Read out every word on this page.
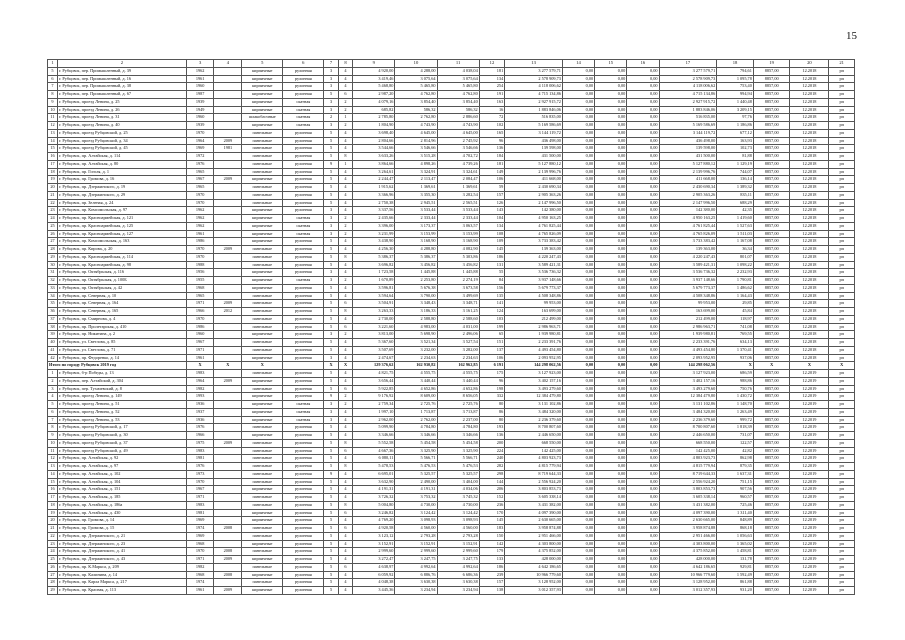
15
1	2	3	4	5	6	7	8	9	10	11	12	13	14	15	16	17	18	19	20	21
5	г. Рубцовск, пер. Промышленный, д. 39	1962		кирпичные	рулонная	3	4	4 920,00	4 288,00	4 038,04	181	3 277 579,71	0,00	0,00	0,00	3 277 579,71	794,61	8857,00	12.2018	рп
6	г. Рубцовск, пер. Промышленный, д. 16	1961		кирпичные	рулонная	3	4	3 419,46	3 075,64	3 075,64	134	2 578 909,73	0,00	0,00	0,00	2 578 909,73	1 095,78	8857,00	12.2018	рп
7	г. Рубцовск, пер. Промышленный, д. 38	1960		кирпичные	рулонная	3	4	5 468,80	5 465,80	5 465,80	254	4 118 006,62	0,00	0,00	0,00	4 118 006,62	753,40	8857,00	12.2018	рп
8	г. Рубцовск, пер. Промышленный, д. 67	1987		кирпичные	рулонная	5	6	2 987,20	4 762,80	4 762,80	191	4 715 134,86	0,00	0,00	0,00	4 715 134,86	994,94	8857,00	12.2018	рп
9	г. Рубцовск, проезд Ленина, д. 25	1939		кирпичные	скатная	3	2	4 079,16	3 854,40	3 854,40	163	2 927 915,72	0,00	0,00	0,00	2 927 915,72	1 440,48	8857,00	12.2018	рп
10	г. Рубцовск, проезд Ленина, д. 26	1949		кирпичные	скатная	3	2	685,82	586,32	586,32	16	1 883 846,06	0,00	0,00	0,00	1 883 846,06	3 209,15	8857,00	12.2018	рп
11	г. Рубцовск, проезд Ленина, д. 31	1960		шлакоблочные	скатная	2	1	2 785,80	2 762,80	2 886,60	72	516 835,00	0,00	0,00	0,00	516 835,00	97,76	8857,00	12.2018	рп
12	г. Рубцовск, проезд Ленина, д. 40	1939		кирпичные	скатная	3	2	1 804,90	4 743,90	4 743,90	102	5 169 586,69	0,00	0,00	0,00	5 169 586,69	1 186,86	8857,00	12.2018	рп
13	г. Рубцовск, проезд Рубцовский, д. 25	1970		панельные	рулонная	5	4	3 698,40	4 645,00	4 645,00	165	3 144 119,72	0,00	0,00	0,00	3 144 119,72	677,12	8857,00	12.2018	рп
14	г. Рубцовск, проезд Рубцовский, д. 34	1964	2009	панельные	рулонная	5	4	2 804,66	2 814,96	2 745,92	96	436 498,00	0,00	0,00	0,00	436 498,00	163,93	8857,00	12.2018	рп
15	г. Рубцовск, проезд Рубцовский, д. 45	1969	1981	панельные	рулонная	5	4	3 544,66	3 546,66	3 546,66	136	139 598,00	0,00	0,00	0,00	139 598,00	102,73	8857,00	12.2018	рп
16	г. Рубцовск, пр. Алтайская, д. 114	1972		панельные	рулонная	5	8	3 633,26	3 515,28	4 702,72	184	431 500,00	0,00	0,00	0,00	431 500,00	81,88	8857,00	12.2018	рп
17	г. Рубцовск, пр. Алтайская, д. 80	1976		панельные	рулонная	9	1	3 864,66	4 898,26	4 739,26	181	5 127 880,12	0,00	0,00	0,00	5 127 880,12	1 129,19	8857,00	12.2018	рп
18	г. Рубцовск, пр. Гоголя, д. 1	1965		панельные	рулонная	5	4	3 264,61	3 324,91	3 324,61	149	2 139 996,76	0,00	0,00	0,00	2 139 996,76	744,07	8857,00	12.2018	рп
19	г. Рубцовск, пр. Громова, д. 16	1967	2009	кирпичные	рулонная	5	4	2 244,47	2 113,47	2 084,47	106	411 668,00	0,00	0,00	0,00	411 668,00	136,14	8857,00	12.2018	рп
20	г. Рубцовск, пр. Дзержинского, д. 19	1965		панельные	рулонная	5	4	1 915,62	1 369,61	1 369,61	59	2 430 690,34	0,00	0,00	0,00	2 430 690,34	1 389,32	8857,00	12.2018	рп
21	г. Рубцовск, пр. Дзержинского, д. 29	1970		панельные	рулонная	5	4	3 366,96	3 355,30	3 282,54	157	2 905 363,26	0,00	0,00	0,00	2 905 363,26	835,11	8857,00	12.2018	рп
22	г. Рубцовск, пр. Зеленая, д. 24	1970		панельные	рулонная	5	4	2 750,38	2 945,51	2 565,51	126	2 147 996,50	0,00	0,00	0,00	2 147 996,50	688,29	8857,00	12.2018	рп
23	г. Рубцовск, пр. Комсомольская, д. 97	1962		кирпичные	рулонная	3	4	3 337,56	3 533,44	3 533,44	143	142 380,00	0,00	0,00	0,00	142 380,00	42,35	8857,00	12.2018	рп
24	г. Рубцовск, пр. Красноармейская, д. 121	1962		кирпичные	скатная	3	2	2 435,66	2 333,44	2 333,44	104	4 950 163,25	0,00	0,00	0,00	4 950 163,25	1 419,60	8857,00	12.2018	рп
25	г. Рубцовск, пр. Красноармейская, д. 125	1962		кирпичные	скатная	3	2	3 396,00	3 173,37	3 063,57	134	4 761 825,44	0,00	0,00	0,00	4 761 825,44	1 527,63	8857,00	12.2018	рп
26	г. Рубцовск, пр. Красноармейская, д. 127	1961		кирпичные	скатная	3	2	3 231,99	3 153,99	3 153,99	108	4 765 826,09	0,00	0,00	0,00	4 765 826,09	1 511,03	8857,00	12.2018	рп
27	г. Рубцовск, пр. Комсомольская, д. 163	1986		кирпичные	рулонная	5	4	3 438,90	3 168,90	3 168,90	109	3 733 383,42	0,00	0,00	0,00	3 733 383,42	1 167,08	8857,00	12.2018	рп
28	г. Рубцовск, пр. Кирова, д. 20	1970	2009	панельные	рулонная	5	4	4 256,30	4 288,80	4 082,90	145	139 363,00	0,00	0,00	0,00	139 363,00	36,34	8857,00	12.2018	рп
29	г. Рубцовск, пр. Красноармейская, д. 114	1970		панельные	рулонная	5	8	5 386,37	5 386,37	5 303,86	186	4 220 247,43	0,00	0,00	0,00	4 220 247,43	801,07	8857,00	12.2018	рп
30	г. Рубцовск, пр. Красноармейская, д. 98	1988		панельные	рулонная	5	4	3 696,82	3 456,82	3 456,82	131	3 589 421,31	0,00	0,00	0,00	3 589 421,31	1 098,22	8857,00	12.2018	рп
31	г. Рубцовск, пр. Октябрьская, д. 116	1956		кирпичные	рулонная	3	4	1 723,58	1 445,88	1 445,88	55	3 536 736,32	0,00	0,00	0,00	3 536 736,32	2 232,93	8857,00	12.2018	рп
32	г. Рубцовск, пр. Октябрьская, д. 100Б	1955		кирпичные	скатная	3	2	1 670,89	2 253,80	2 274,19	84	3 937 148,66	0,00	0,00	0,00	3 937 148,66	1 790,81	8857,00	12.2018	рп
33	г. Рубцовск, пр. Октябрьская, д. 42	1968		кирпичные	рулонная	5	4	3 596,81	5 676,38	3 673,58	156	5 679 773,37	0,00	0,00	0,00	5 679 773,37	1 486,62	8857,00	12.2018	рп
34	г. Рубцовск, пр. Северная, д. 10	1965		панельные	рулонная	5	4	3 594,64	3 790,00	3 499,69	135	4 508 348,86	0,00	0,00	0,00	4 508 348,86	1 164,43	8857,00	12.2018	рп
35	г. Рубцовск, пр. Северная, д. 164	1971	2009	панельные	рулонная	5	6	3 504,91	3 348,43	3 348,71	141	99 953,00	0,00	0,00	0,00	99 953,00	29,85	8857,00	12.2018	рп
36	г. Рубцовск, пр. Северная, д. 165	1966	2012	панельные	рулонная	5	8	3 263,33	3 186,33	3 161,25	124	163 699,00	0,00	0,00	0,00	163 699,00	45,84	8857,00	12.2018	рп
37	г. Рубцовск, пр. Смирнова, д. 4	1970		панельные	рулонная	5	4	2 730,00	2 588,80	2 588,60	103	212 499,00	0,00	0,00	0,00	212 499,00	118,97	8857,00	12.2018	рп
38	г. Рубцовск, пр. Пролетарская, д. 410	1986		панельные	рулонная	5	6	3 221,60	4 983,00	4 031,00	199	2 986 963,71	0,00	0,00	0,00	2 986 963,71	741,08	8857,00	12.2018	рп
39	г. Рубцовск, пр. Никитина, д. 2	1960		кирпичные	рулонная	3	2	3 813,00	5 698,90	2 496,06	65	1 939 980,81	0,00	0,00	0,00	1 939 980,81	769,55	8857,00	12.2018	рп
40	г. Рубцовск, ул. Светлова, д. 85	1967		панельные	рулонная	5	4	5 367,60	3 521,34	3 527,54	151	2 233 391,76	0,00	0,00	0,00	2 233 391,76	634,13	8857,00	12.2018	рп
41	г. Рубцовск, ул. Светлова, д. 71	1971		панельные	рулонная	5	4	3 507,69	3 232,00	3 282,00	137	4 493 454,80	0,00	0,00	0,00	4 493 454,80	1 370,41	8857,00	12.2018	рп
42	г. Рубцовск, пр. Федоренко, д. 14	1961		кирпичные	рулонная	3	4	2 474,67	2 234,63	2 234,63	106	2 093 952,95	0,00	0,00	0,00	2 093 952,95	937,06	8857,00	12.2018	рп
Итого по городу Рубцовск 2019 год		Х	Х	Х		Х	Х	129 376,62	162 930,82	162 962,85	6 191	144 298 062,56	0,00	0,00	0,00	144 298 062,56	Х	Х	Х	Х
1	г. Рубцовск, б-р Победы, д. 13	1983		панельные	рулонная	5	4	4 821,75	4 555,75	4 555,75	175	3 127 923,00	0,00	0,00	0,00	3 127 923,00	686,59	8857,00	12.2019	рп
2	г. Рубцовск, пер. Алтайский, д. 304	1964	2009	кирпичные	рулонная	5	4	3 656,44	3 440,44	3 440,44	96	3 402 157,16	0,00	0,00	0,00	3 402 157,16	988,86	8857,00	12.2019	рп
3	г. Рубцовск, пер. Тухачевский, д. 8	1982		панельные	рулонная	5	6	5 922,85	4 652,86	4 652,86	198	3 493 279,60	0,00	0,00	0,00	3 493 279,60	750,76	8857,00	12.2019	рп
4	г. Рубцовск, проезд Ленина, д. 149	1993		кирпичные	рулонная	9	2	9 176,92	8 609,00	8 656,05	332	12 384 479,80	0,00	0,00	0,00	12 384 479,80	1 430,72	8857,00	12.2019	рп
5	г. Рубцовск, проезд Ленина, д. 51	1936		кирпичные	скатная	3	2	2 759,34	2 725,76	2 725,76	80	3 131 102,86	0,00	0,00	0,00	3 131 102,86	1 148,70	8857,00	12.2019	рп
6	г. Рубцовск, проезд Ленина, д. 52	1937		кирпичные	скатная	3	4	1 997,10	1 713,87	3 713,87	86	3 484 320,00	0,00	0,00	0,00	3 484 320,00	1 263,49	8857,00	12.2019	рп
7	г. Рубцовск, проезд Ленина, д. 53	1936		кирпичные	скатная	3	4	2 962,00	2 762,00	2 237,00	80	2 236 379,60	0,00	0,00	0,00	2 236 379,60	999,72	8857,00	12.2019	рп
8	г. Рубцовск, проезд Рубцовский, д. 17	1976		панельные	рулонная	5	4	5 099,90	4 784,80	4 784,80	193	8 700 807,60	0,00	0,00	0,00	8 700 807,60	1 818,39	8857,00	12.2019	рп
9	г. Рубцовск, проезд Рубцовский, д. 30	1966		кирпичные	рулонная	5	4	3 346,66	3 346,66	3 346,66	136	2 446 650,00	0,00	0,00	0,00	2 446 650,00	731,07	8857,00	12.2019	рп
10	г. Рубцовск, проезд Рубцовский, д. 37	1975	2009	панельные	рулонная	5	8	5 552,58	5 454,58	5 454,58	200	668 550,00	0,00	0,00	0,00	668 550,00	122,57	8857,00	12.2019	рп
11	г. Рубцовск, проезд Рубцовский, д. 49	1983		панельные	рулонная	5	6	4 667,36	3 325,90	3 325,90	224	142 425,00	0,00	0,00	0,00	142 425,00	42,82	8857,00	12.2019	рп
12	г. Рубцовск, пр. Алтайская, д. 92	1981		панельные	рулонная	5	4	6 080,11	5 566,71	5 566,71	240	4 803 923,73	0,00	0,00	0,00	4 803 923,73	862,98	8857,00	12.2019	рп
13	г. Рубцовск, пр. Алтайская, д. 97	1976		панельные	рулонная	5	8	5 478,53	5 476,53	5 476,53	282	4 815 779,94	0,00	0,00	0,00	4 815 779,94	879,35	8857,00	12.2019	рп
14	г. Рубцовск, пр. Алтайская, д. 102	1973		панельные	рулонная	9	4	6 695,01	5 325,57	5 325,57	298	8 719 644,33	0,00	0,00	0,00	8 719 644,33	1 637,31	8857,00	12.2019	рп
15	г. Рубцовск, пр. Алтайская, д. 104	1970		панельные	рулонная	5	4	3 632,90	2 490,00	3 404,00	144	2 556 924,20	0,00	0,00	0,00	2 556 924,20	751,15	8857,00	12.2019	рп
16	г. Рубцовск, пр. Алтайская, д. 151	1967		кирпичные	рулонная	5	4	4 191,31	4 191,31	4 034,06	206	3 803 853,73	0,00	0,00	0,00	3 803 853,73	907,56	8857,00	12.2019	рп
17	г. Рубцовск, пр. Алтайская, д. 185	1971		панельные	рулонная	5	4	3 726,32	3 753,32	3 745,32	152	3 605 338,14	0,00	0,00	0,00	3 605 338,14	960,57	8857,00	12.2019	рп
18	г. Рубцовск, пр. Алтайская, д. 186а	1983		панельные	рулонная	5	8	5 004,80	4 730,00	4 730,00	236	3 431 382,00	0,00	0,00	0,00	3 431 382,00	725,46	8857,00	12.2019	рп
19	г. Рубцовск, пр. Алтайская, д. 430	1981		кирпичные	рулонная	5	6	3 246,82	3 124,42	3 124,42	170	4 097 390,00	0,00	0,00	0,00	4 097 390,00	1 311,40	8857,00	12.2019	рп
20	г. Рубцовск, пр. Громова, д. 14	1969		кирпичные	рулонная	5	4	4 769,20	3 098,93	3 098,93	145	2 630 665,00	0,00	0,00	0,00	2 630 665,00	848,89	8857,00	12.2019	рп
21	г. Рубцовск, пр. Громова, д. 15	1974	2008	панельные	рулонная	5	6	4 920,58	4 560,00	4 560,00	183	3 958 874,88	0,00	0,00	0,00	3 958 874,88	868,18	8857,00	12.2019	рп
22	г. Рубцовск, пр. Дзержинского, д. 21	1969		панельные	рулонная	5	4	3 123,12	2 793,28	2 793,28	150	2 951 466,00	0,00	0,00	0,00	2 951 466,00	1 056,63	8857,00	12.2019	рп
23	г. Рубцовск, пр. Дзержинского, д. 23	1968		кирпичные	рулонная	5	4	3 152,91	3 152,91	3 152,91	142	4 303 800,00	0,00	0,00	0,00	4 303 800,00	1 365,02	8857,00	12.2019	рп
24	г. Рубцовск, пр. Дзержинского, д. 41	1970	2008	панельные	рулонная	5	4	2 999,60	2 999,60	2 999,60	179	4 375 852,00	0,00	0,00	0,00	4 375 852,00	1 458,81	8857,00	12.2019	рп
25	г. Рубцовск, пр. Дзержинского, д. 43	1971	2009	кирпичные	рулонная	5	4	3 272,47	3 247,75	3 247,75	133	428 000,00	0,00	0,00	0,00	428 000,00	131,78	8857,00	12.2019	рп
26	г. Рубцовск, пр. К.Маркса, д. 209	1982		панельные	рулонная	5	6	4 638,97	4 992,64	4 992,64	186	4 642 186,65	0,00	0,00	0,00	4 642 186,65	929,81	8857,00	12.2019	рп
27	г. Рубцовск, пр. Калинина, д. 14	1968	2008	кирпичные	рулонная	5	4	6 059,92	6 886,76	6 686,36	239	10 966 779,60	0,00	0,00	0,00	10 966 779,60	1 592,49	8857,00	12.2019	рп
28	г. Рубцовск, пр. Карла Маркса, д. 217	1974		панельные	рулонная	5	4	4 048,38	3 630,38	3 630,38	157	3 128 952,00	0,00	0,00	0,00	3 128 952,00	861,88	8857,00	12.2019	рп
29	г. Рубцовск, пр. Красная, д. 113	1961	2009	кирпичные	рулонная	5	4	3 445,36	3 234,94	3 234,94	138	3 012 357,93	0,00	0,00	0,00	3 012 357,93	931,20	8857,00	12.2019	рп
